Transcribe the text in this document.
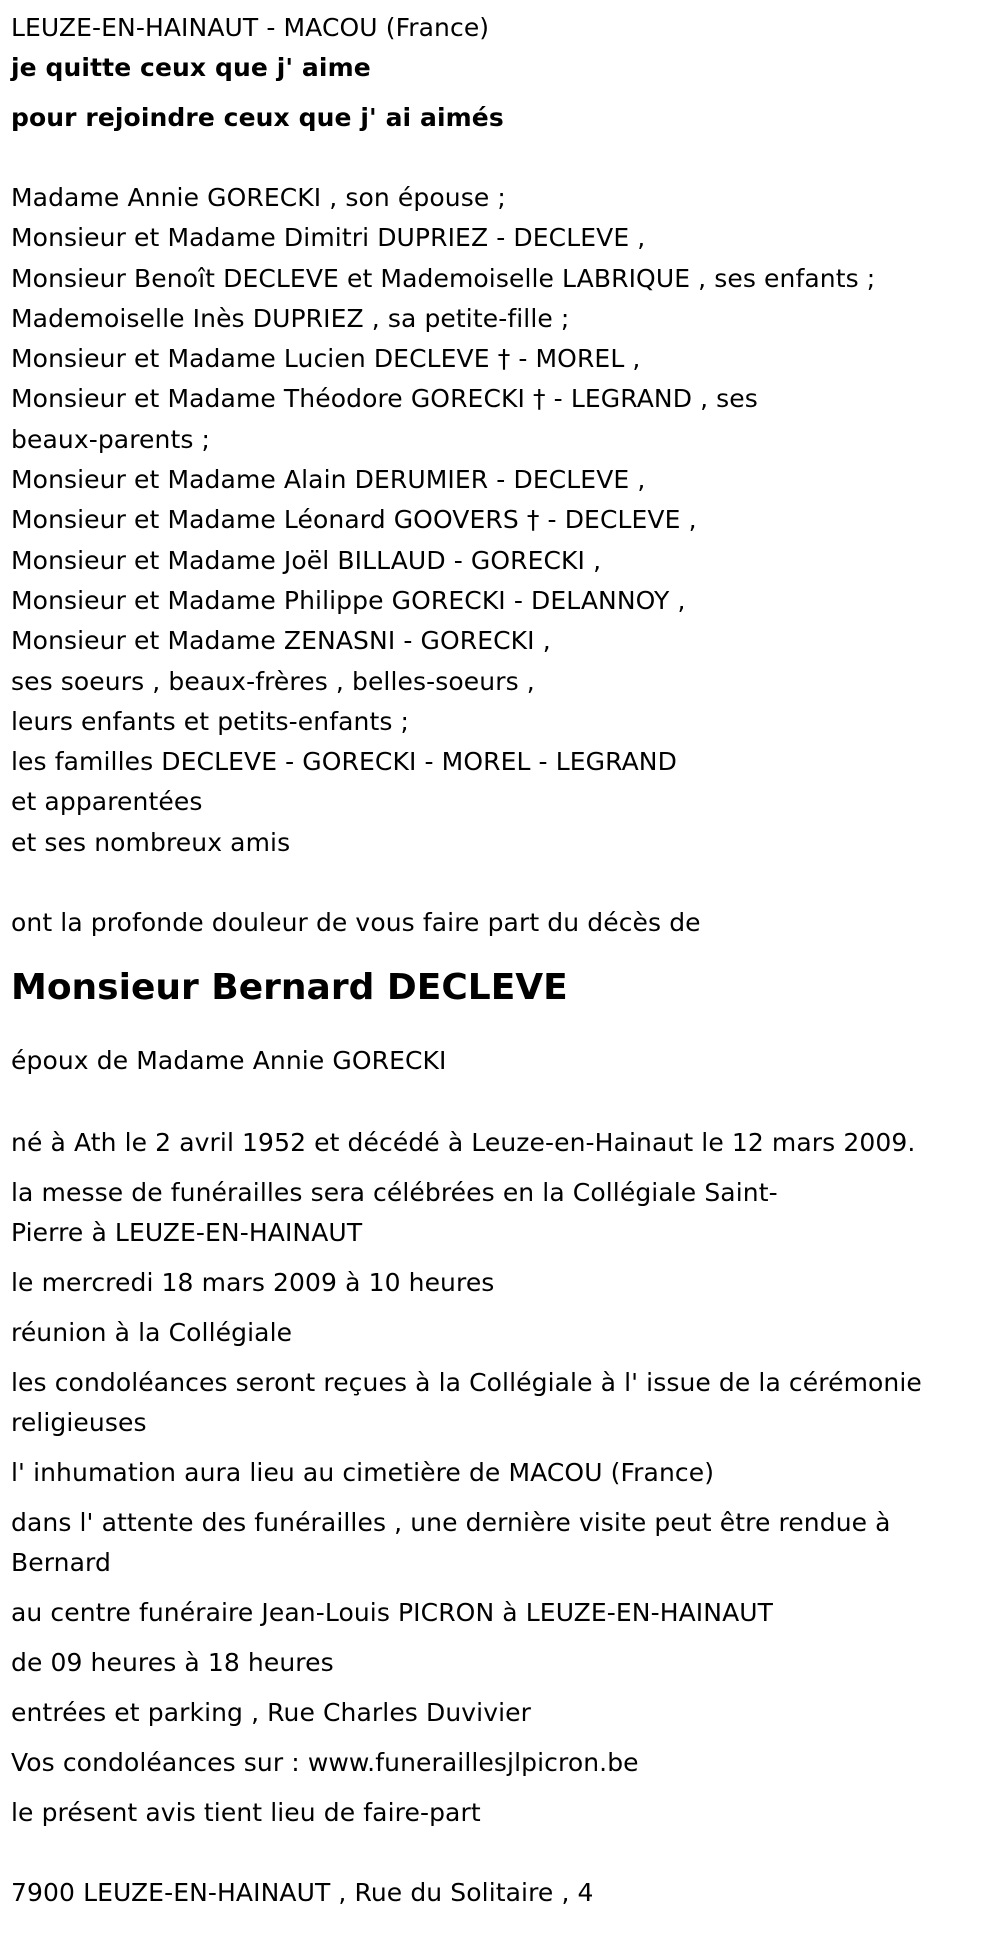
LEUZE-EN-HAINAUT - MACOU (France)
je quitte ceux que j' aime
pour rejoindre ceux que j' ai aimés
Madame Annie GORECKI , son épouse ;
Monsieur et Madame Dimitri DUPRIEZ - DECLEVE ,
Monsieur Benoît DECLEVE et Mademoiselle LABRIQUE , ses enfants ;
Mademoiselle Inès DUPRIEZ , sa petite-fille ;
Monsieur et Madame Lucien DECLEVE † - MOREL ,
Monsieur et Madame Théodore GORECKI † - LEGRAND , ses beaux-parents ;
Monsieur et Madame Alain DERUMIER - DECLEVE ,
Monsieur et Madame Léonard GOOVERS † - DECLEVE ,
Monsieur et Madame Joël BILLAUD - GORECKI ,
Monsieur et Madame Philippe GORECKI - DELANNOY ,
Monsieur et Madame ZENASNI - GORECKI ,
ses soeurs , beaux-frères , belles-soeurs ,
leurs enfants et petits-enfants ;
les familles DECLEVE - GORECKI - MOREL - LEGRAND
et apparentées
et ses nombreux amis
ont la profonde douleur de vous faire part du décès de
Monsieur Bernard DECLEVE
époux de Madame Annie GORECKI
né à Ath le 2 avril 1952 et décédé à Leuze-en-Hainaut le 12 mars 2009.
la messe de funérailles sera célébrées en la Collégiale Saint-Pierre à LEUZE-EN-HAINAUT
le mercredi 18 mars 2009 à 10 heures
réunion à la Collégiale
les condoléances seront reçues à la Collégiale à l' issue de la cérémonie religieuses
l' inhumation aura lieu au cimetière de MACOU (France)
dans l' attente des funérailles , une dernière visite peut être rendue à Bernard
au centre funéraire Jean-Louis PICRON à LEUZE-EN-HAINAUT
de 09 heures à 18 heures
entrées et parking , Rue Charles Duvivier
Vos condoléances sur : www.funeraillesjlpicron.be
le présent avis tient lieu de faire-part
7900 LEUZE-EN-HAINAUT , Rue du Solitaire , 4
